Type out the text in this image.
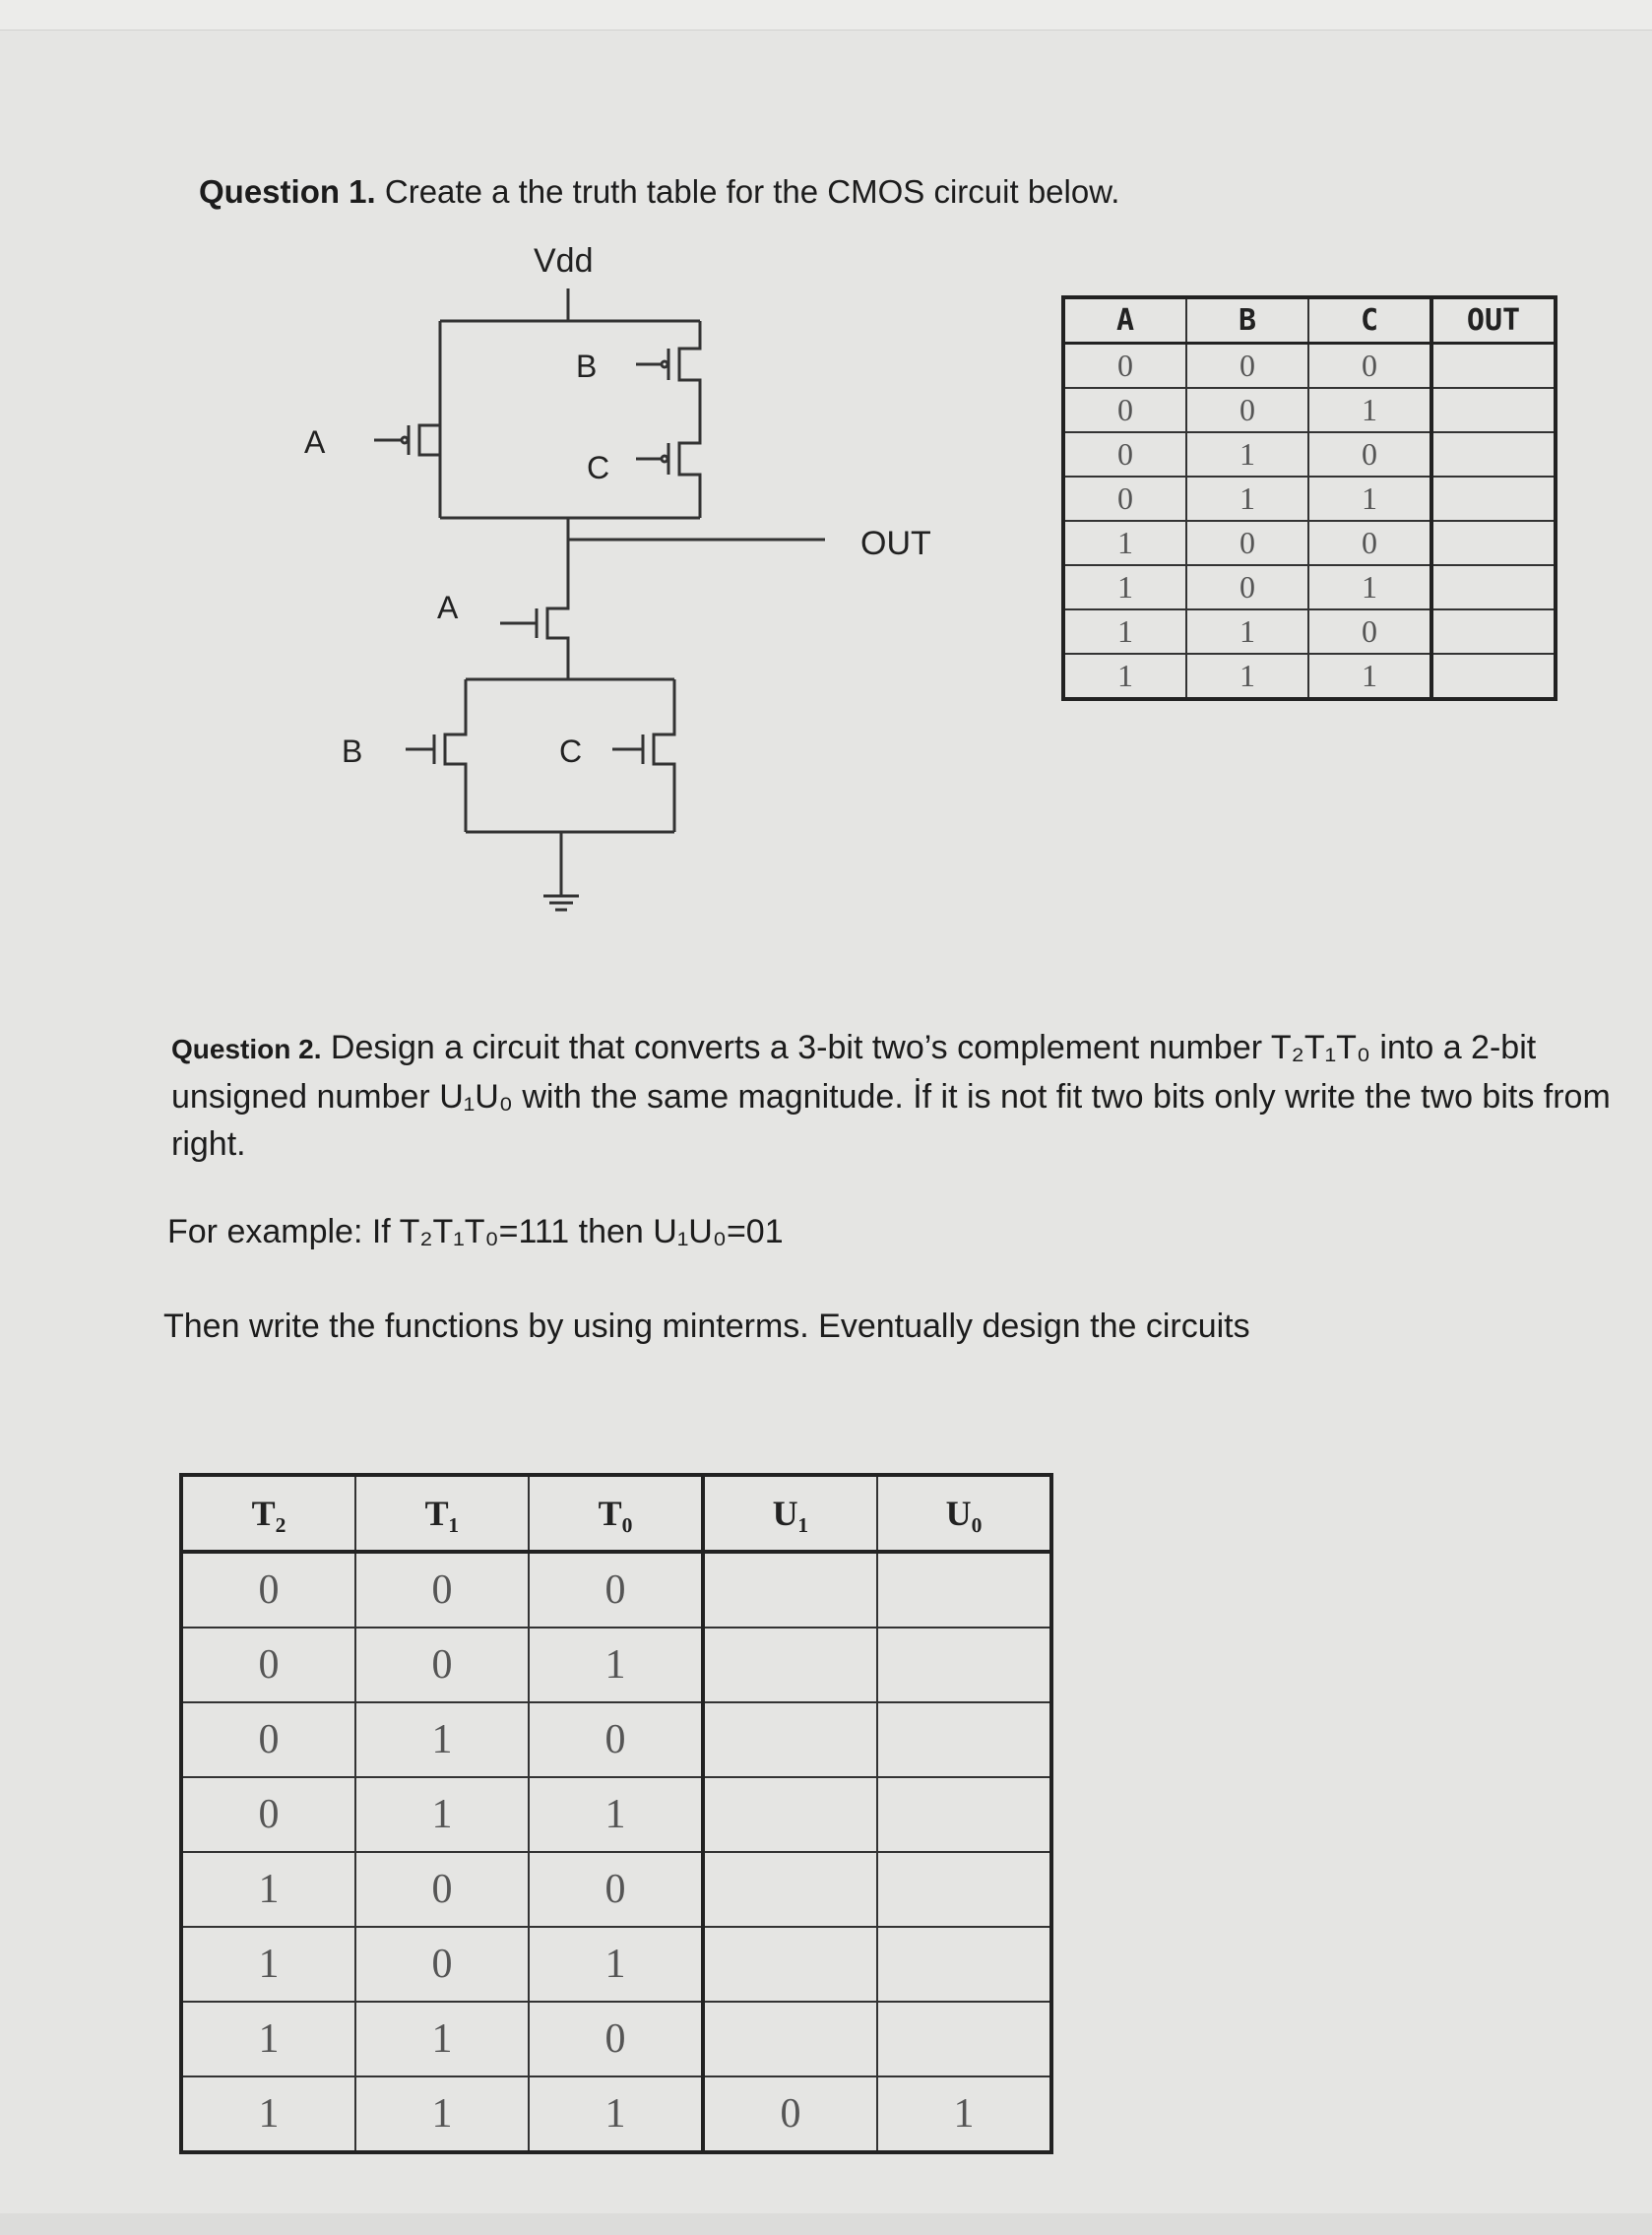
Question 1. Create a the truth table for the CMOS circuit below.
Vdd
OUT
A
B
C
A
B	C
A	B	C	OUT
0	0	0	
0	0	1	
0	1	0	
0	1	1	
1	0	0	
1	0	1	
1	1	0	
1	1	1	
Question 2. Design a circuit that converts a 3-bit two’s complement number T₂T₁T₀ into a 2-bit unsigned number U₁U₀ with the same magnitude. İf it is not fit two bits only write the two bits from right.
For example: If T₂T₁T₀=111 then U₁U₀=01
Then write the functions by using minterms. Eventually design the circuits
T₂	T₁	T₀	U₁	U₀
0	0	0		
0	0	1		
0	1	0		
0	1	1		
1	0	0		
1	0	1		
1	1	0		
1	1	1	0	1
